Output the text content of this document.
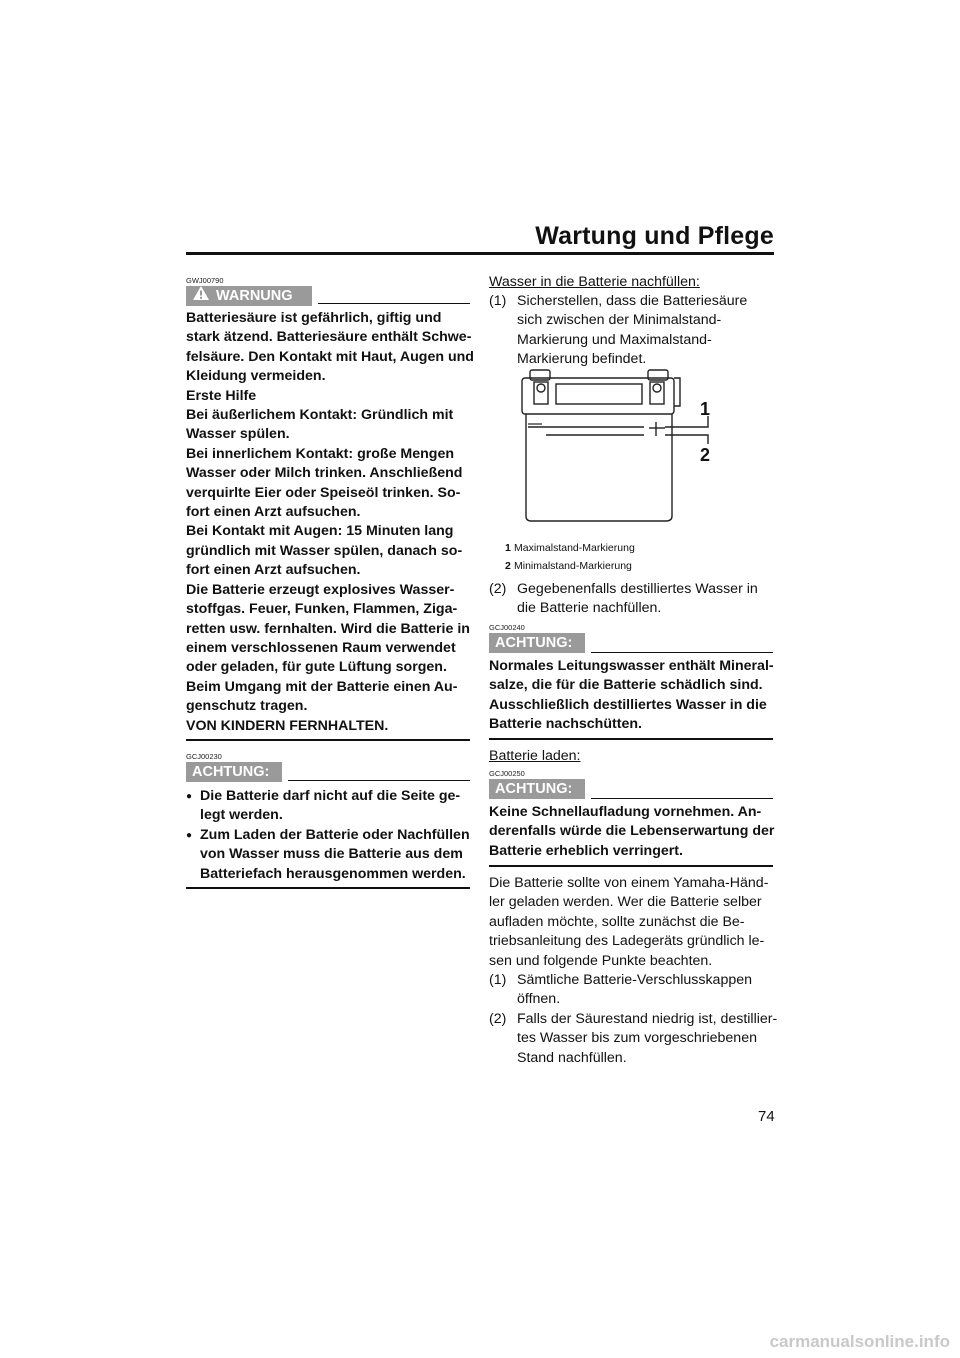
Wartung und Pflege
GWJ00790
WARNUNG
Batteriesäure ist gefährlich, giftig und stark ätzend. Batteriesäure enthält Schwe-felsäure. Den Kontakt mit Haut, Augen und Kleidung vermeiden.
Erste Hilfe
Bei äußerlichem Kontakt: Gründlich mit Wasser spülen.
Bei innerlichem Kontakt: große Mengen Wasser oder Milch trinken. Anschließend verquirlte Eier oder Speiseöl trinken. So-fort einen Arzt aufsuchen.
Bei Kontakt mit Augen: 15 Minuten lang gründlich mit Wasser spülen, danach so-fort einen Arzt aufsuchen.
Die Batterie erzeugt explosives Wasser-stoffgas. Feuer, Funken, Flammen, Ziga-retten usw. fernhalten. Wird die Batterie in einem verschlossenen Raum verwendet oder geladen, für gute Lüftung sorgen.
Beim Umgang mit der Batterie einen Au-genschutz tragen.
VON KINDERN FERNHALTEN.
GCJ00230
ACHTUNG:
● Die Batterie darf nicht auf die Seite ge-legt werden.
● Zum Laden der Batterie oder Nachfüllen von Wasser muss die Batterie aus dem Batteriefach herausgenommen werden.
Wasser in die Batterie nachfüllen:
(1) Sicherstellen, dass die Batteriesäure sich zwischen der Minimalstand-Markierung und Maximalstand-Markierung befindet.
1
2
1 Maximalstand-Markierung
2 Minimalstand-Markierung
(2) Gegebenenfalls destilliertes Wasser in die Batterie nachfüllen.
GCJ00240
ACHTUNG:
Normales Leitungswasser enthält Mineral-salze, die für die Batterie schädlich sind. Ausschließlich destilliertes Wasser in die Batterie nachschütten.
Batterie laden:
GCJ00250
ACHTUNG:
Keine Schnellaufladung vornehmen. An-derenfalls würde die Lebenserwartung der Batterie erheblich verringert.
Die Batterie sollte von einem Yamaha-Händ-ler geladen werden. Wer die Batterie selber aufladen möchte, sollte zunächst die Be-triebsanleitung des Ladegeräts gründlich le-sen und folgende Punkte beachten.
(1) Sämtliche Batterie-Verschlusskappen öffnen.
(2) Falls der Säurestand niedrig ist, destillier-tes Wasser bis zum vorgeschriebenen Stand nachfüllen.
74
carmanualsonline.info
